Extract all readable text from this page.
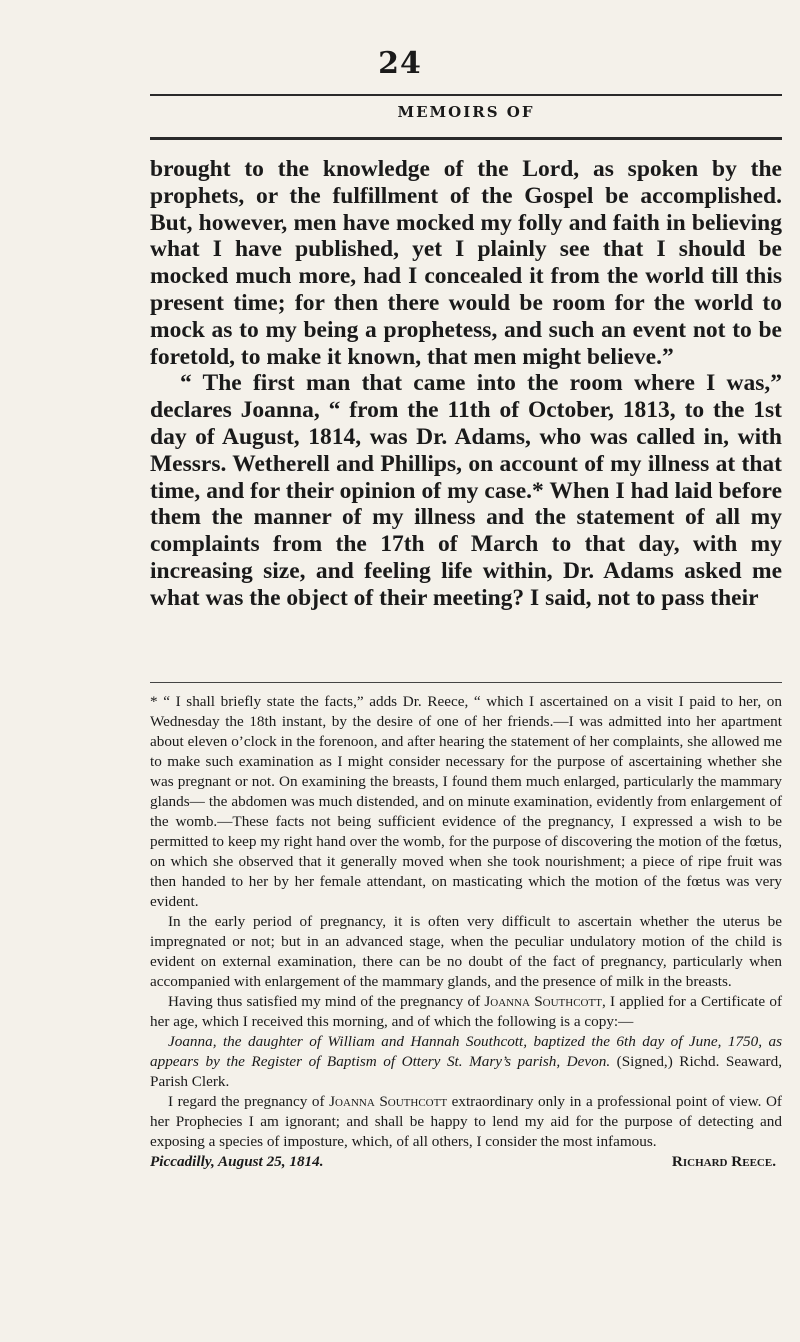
24
MEMOIRS OF

brought to the knowledge of the Lord, as spoken by the prophets, or the fulfillment of the Gospel be accomplished. But, however, men have mocked my folly and faith in believing what I have published, yet I plainly see that I should be mocked much more, had I concealed it from the world till this present time; for then there would be room for the world to mock as to my being a prophetess, and such an event not to be foretold, to make it known, that men might believe.”

“ The first man that came into the room where I was,” declares Joanna, “ from the 11th of October, 1813, to the 1st day of August, 1814, was Dr. Adams, who was called in, with Messrs. Wetherell and Phillips, on account of my illness at that time, and for their opinion of my case.* When I had laid before them the manner of my illness and the statement of all my complaints from the 17th of March to that day, with my increasing size, and feeling life within, Dr. Adams asked me what was the object of their meeting? I said, not to pass their

* “ I shall briefly state the facts,” adds Dr. Reece, “ which I ascertained on a visit I paid to her, on Wednesday the 18th instant, by the desire of one of her friends.—I was admitted into her apartment about eleven o’clock in the forenoon, and after hearing the statement of her complaints, she allowed me to make such examination as I might consider necessary for the purpose of ascertaining whether she was pregnant or not. On examining the breasts, I found them much enlarged, particularly the mammary glands— the abdomen was much distended, and on minute examination, evidently from enlargement of the womb.—These facts not being sufficient evidence of the pregnancy, I expressed a wish to be permitted to keep my right hand over the womb, for the purpose of discovering the motion of the fœtus, on which she observed that it generally moved when she took nourishment; a piece of ripe fruit was then handed to her by her female attendant, on masticating which the motion of the fœtus was very evident.

In the early period of pregnancy, it is often very difficult to ascertain whether the uterus be impregnated or not; but in an advanced stage, when the peculiar undulatory motion of the child is evident on external examination, there can be no doubt of the fact of pregnancy, particularly when accompanied with enlargement of the mammary glands, and the presence of milk in the breasts.

Having thus satisfied my mind of the pregnancy of Joanna Southcott, I applied for a Certificate of her age, which I received this morning, and of which the following is a copy:—

Joanna, the daughter of William and Hannah Southcott, baptized the 6th day of June, 1750, as appears by the Register of Baptism of Ottery St. Mary’s parish, Devon. (Signed,) Richd. Seaward, Parish Clerk.

I regard the pregnancy of Joanna Southcott extraordinary only in a professional point of view. Of her Prophecies I am ignorant; and shall be happy to lend my aid for the purpose of detecting and exposing a species of imposture, which, of all others, I consider the most infamous.

Piccadilly, August 25, 1814.	Richard Reece.
